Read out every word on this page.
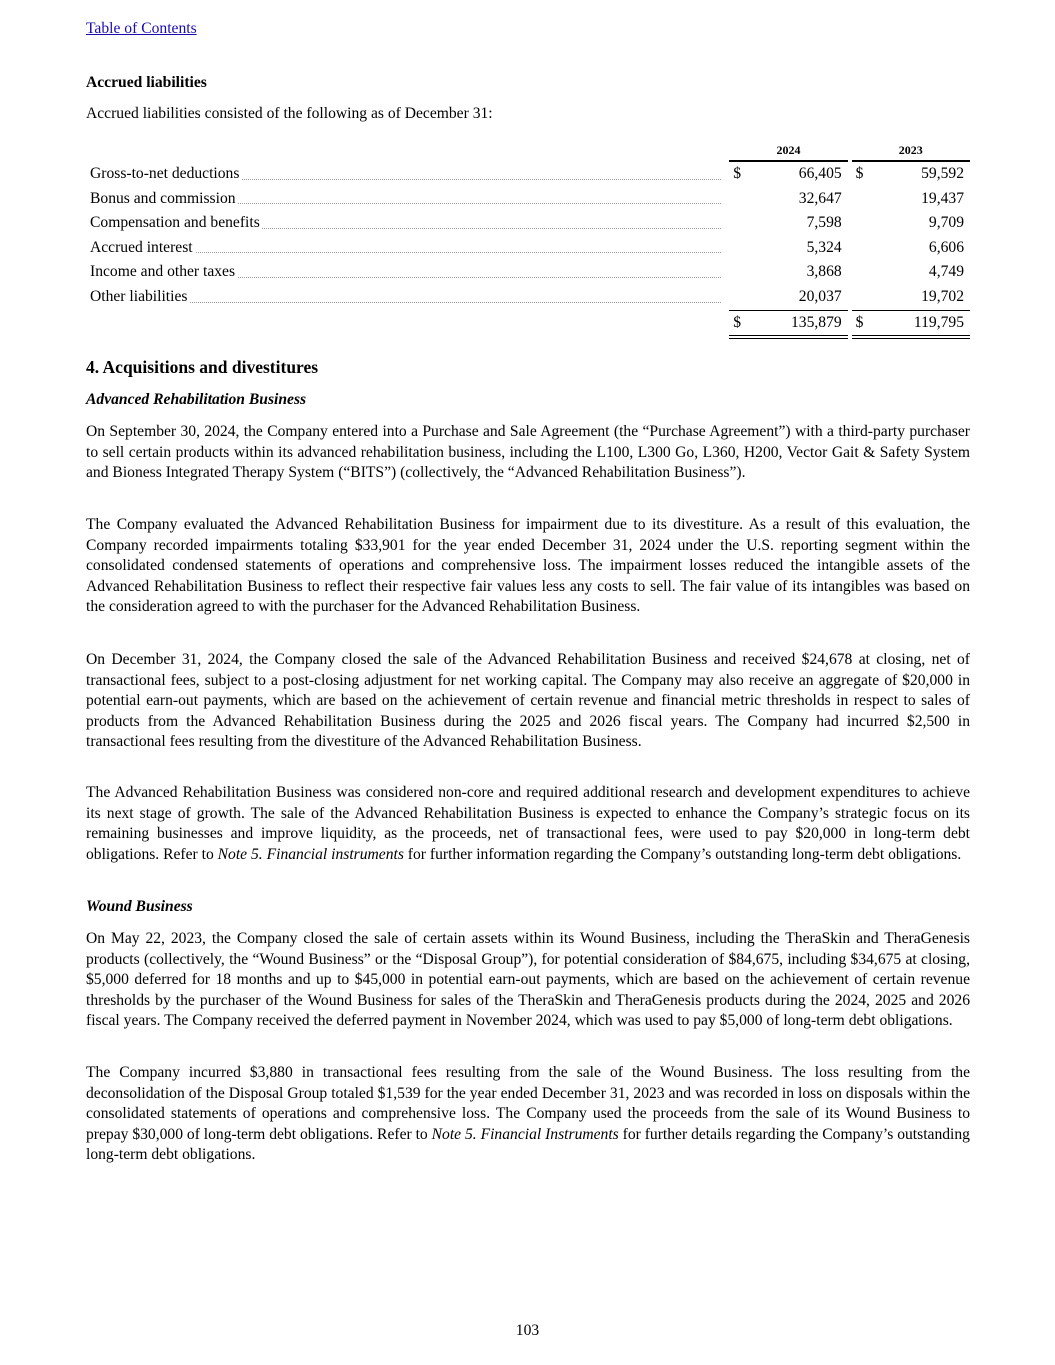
Table of Contents
Accrued liabilities
Accrued liabilities consisted of the following as of December 31:
		2024			2023	

Gross-to-net deductions		$	66,405		$	59,592

Bonus and commission			32,647			19,437

Compensation and benefits			7,598			9,709

Accrued interest			5,324			6,606

Income and other taxes			3,868			4,749

Other liabilities			20,037			19,702
		$	135,879		$	119,795
4. Acquisitions and divestitures
Advanced Rehabilitation Business

On September 30, 2024, the Company entered into a Purchase and Sale Agreement (the “Purchase Agreement”) with a third-party purchaser to sell certain products within its advanced rehabilitation business, including the L100, L300 Go, L360, H200, Vector Gait & Safety System and Bioness Integrated Therapy System (“BITS”) (collectively, the “Advanced Rehabilitation Business”).

The Company evaluated the Advanced Rehabilitation Business for impairment due to its divestiture. As a result of this evaluation, the Company recorded impairments totaling $33,901 for the year ended December 31, 2024 under the U.S. reporting segment within the consolidated condensed statements of operations and comprehensive loss. The impairment losses reduced the intangible assets of the Advanced Rehabilitation Business to reflect their respective fair values less any costs to sell. The fair value of its intangibles was based on the consideration agreed to with the purchaser for the Advanced Rehabilitation Business.

On December 31, 2024, the Company closed the sale of the Advanced Rehabilitation Business and received $24,678 at closing, net of transactional fees, subject to a post-closing adjustment for net working capital. The Company may also receive an aggregate of $20,000 in potential earn-out payments, which are based on the achievement of certain revenue and financial metric thresholds in respect to sales of products from the Advanced Rehabilitation Business during the 2025 and 2026 fiscal years. The Company had incurred $2,500 in transactional fees resulting from the divestiture of the Advanced Rehabilitation Business.

The Advanced Rehabilitation Business was considered non-core and required additional research and development expenditures to achieve its next stage of growth. The sale of the Advanced Rehabilitation Business is expected to enhance the Company’s strategic focus on its remaining businesses and improve liquidity, as the proceeds, net of transactional fees, were used to pay $20,000 in long-term debt obligations. Refer to Note 5. Financial instruments for further information regarding the Company’s outstanding long-term debt obligations.

Wound Business

On May 22, 2023, the Company closed the sale of certain assets within its Wound Business, including the TheraSkin and TheraGenesis products (collectively, the “Wound Business” or the “Disposal Group”), for potential consideration of $84,675, including $34,675 at closing, $5,000 deferred for 18 months and up to $45,000 in potential earn-out payments, which are based on the achievement of certain revenue thresholds by the purchaser of the Wound Business for sales of the TheraSkin and TheraGenesis products during the 2024, 2025 and 2026 fiscal years. The Company received the deferred payment in November 2024, which was used to pay $5,000 of long-term debt obligations.

The Company incurred $3,880 in transactional fees resulting from the sale of the Wound Business. The loss resulting from the deconsolidation of the Disposal Group totaled $1,539 for the year ended December 31, 2023 and was recorded in loss on disposals within the consolidated statements of operations and comprehensive loss. The Company used the proceeds from the sale of its Wound Business to prepay $30,000 of long-term debt obligations. Refer to Note 5. Financial Instruments for further details regarding the Company’s outstanding long-term debt obligations.

103
